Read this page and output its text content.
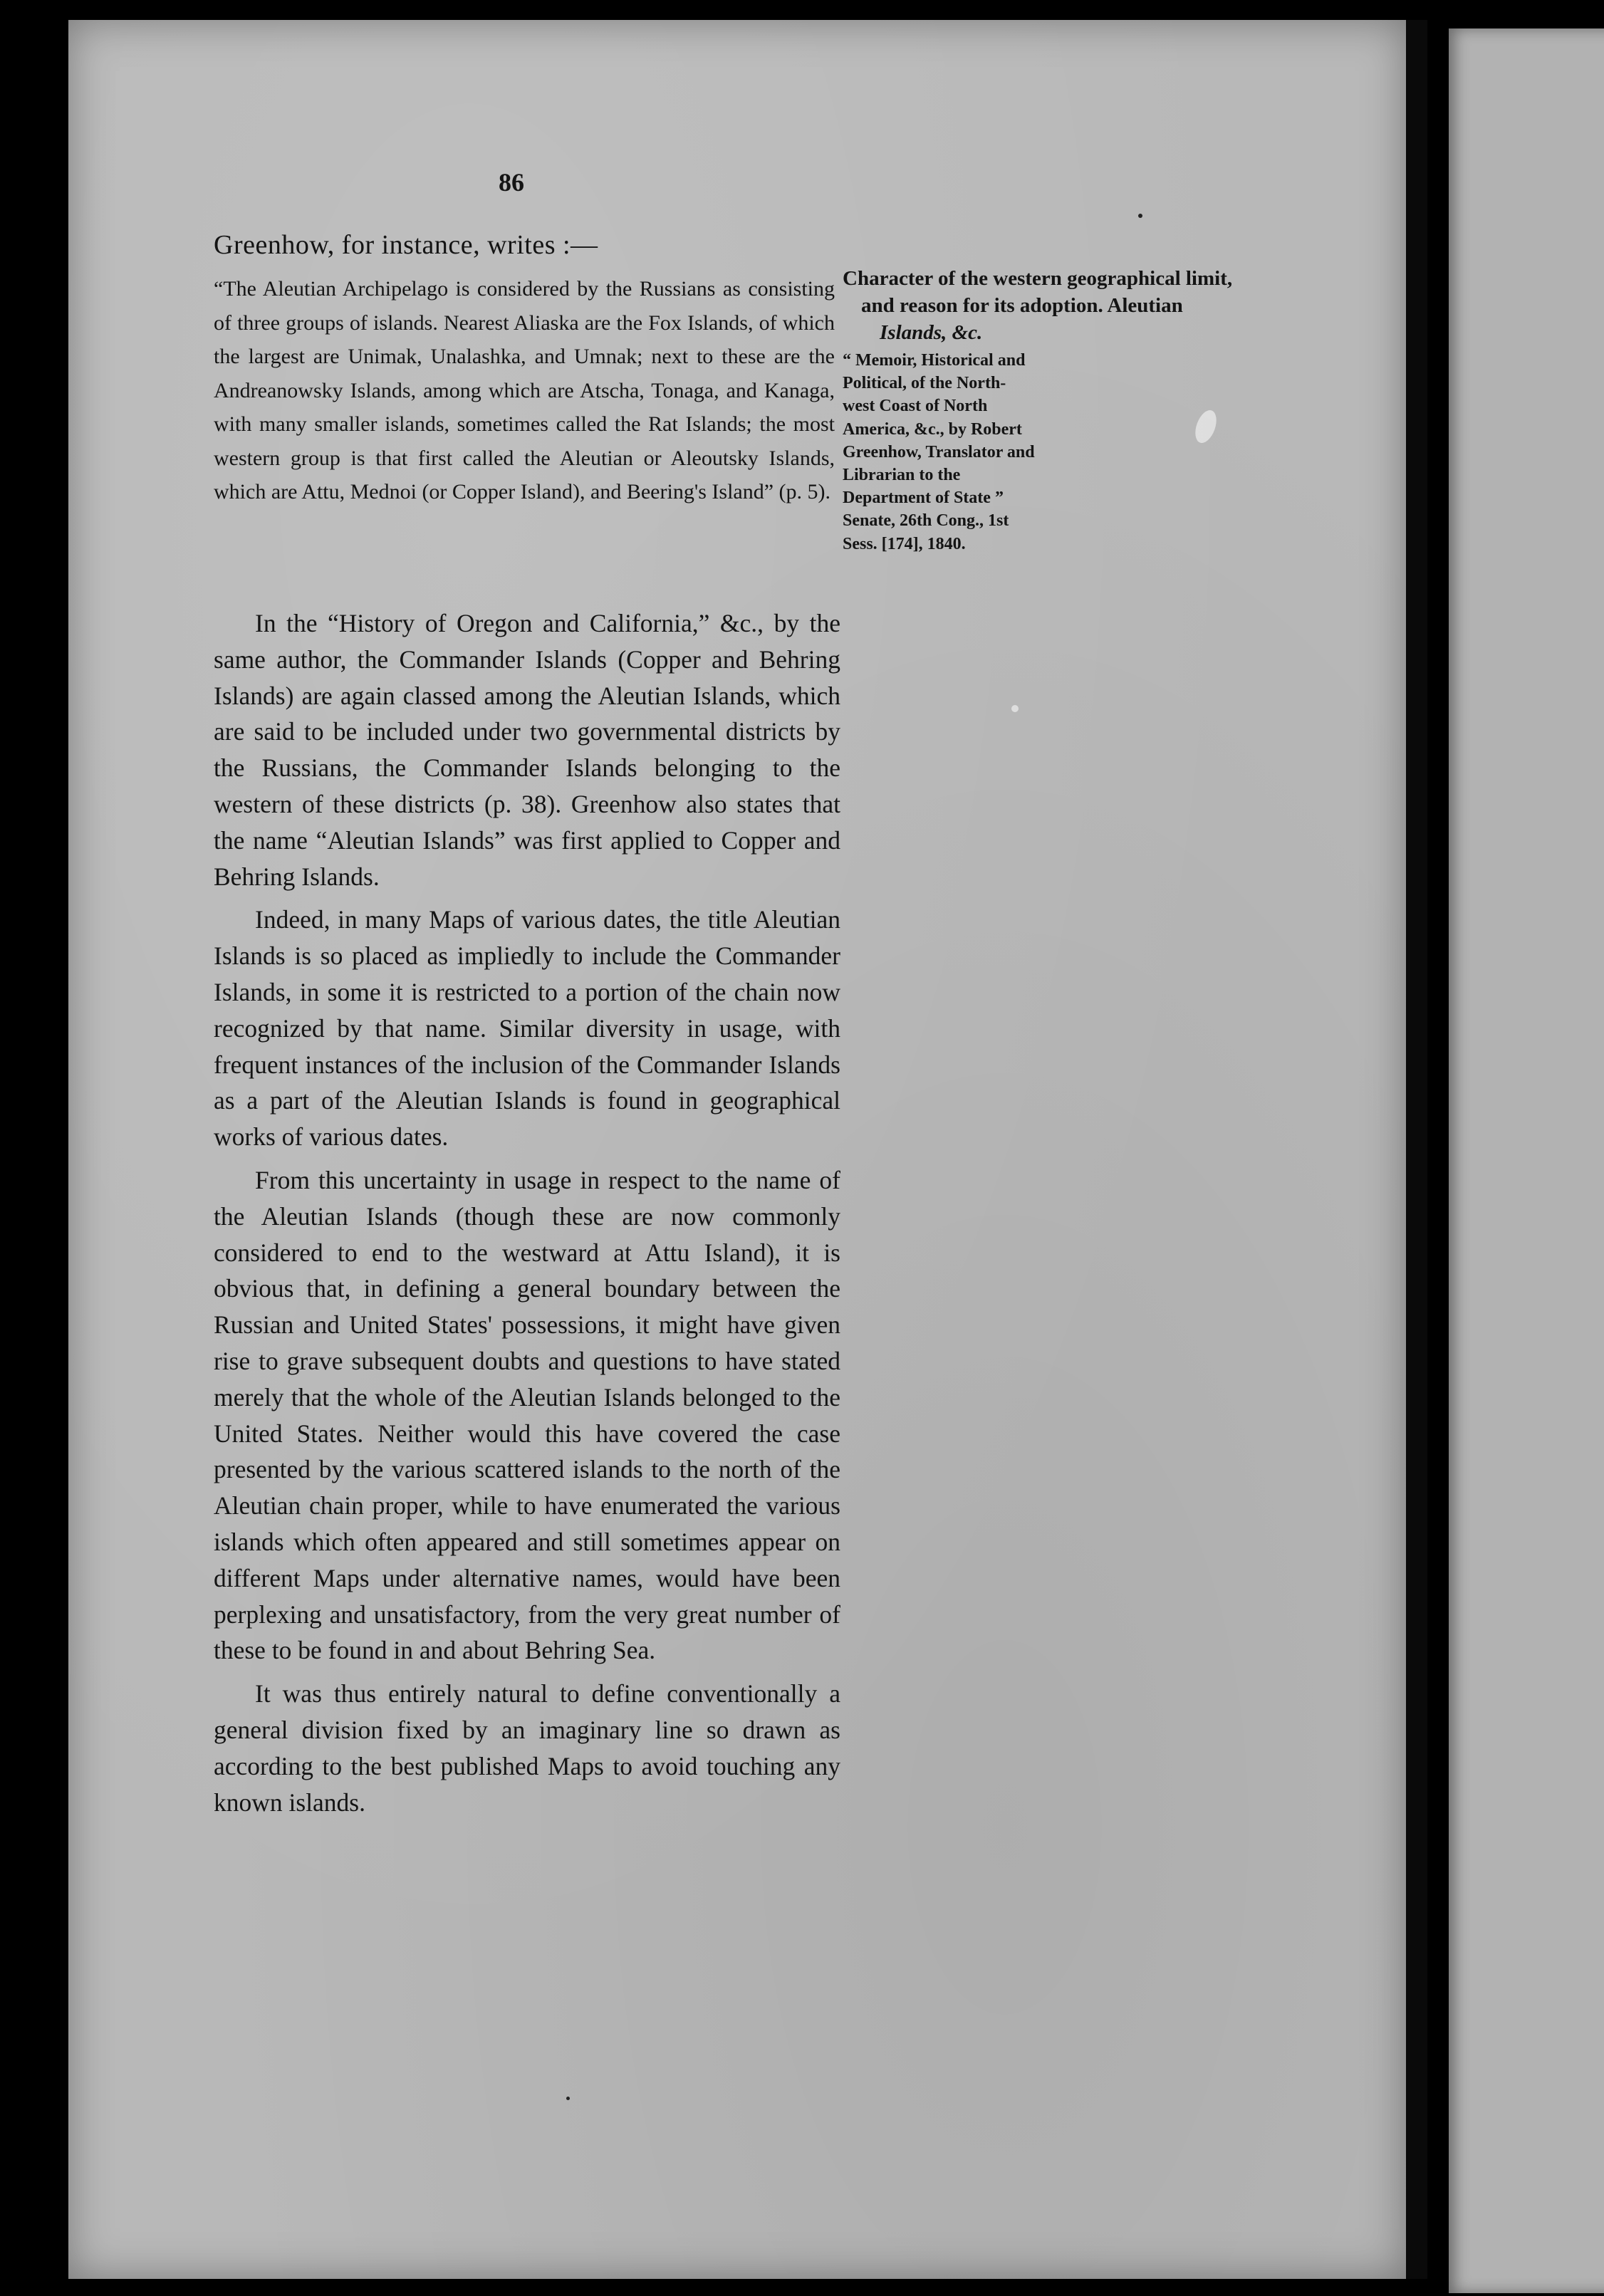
86
Greenhow, for instance, writes :—

“The Aleutian Archipelago is considered by the Russians as consisting of three groups of islands. Nearest Aliaska are the Fox Islands, of which the largest are Unimak, Unalashka, and Umnak; next to these are the Andreanowsky Islands, among which are Atscha, Tonaga, and Kanaga, with many smaller islands, sometimes called the Rat Islands; the most western group is that first called the Aleutian or Aleoutsky Islands, which are Attu, Mednoi (or Copper Island), and Beering's Island” (p. 5).

In the “History of Oregon and California,” &c., by the same author, the Commander Islands (Copper and Behring Islands) are again classed among the Aleutian Islands, which are said to be included under two governmental districts by the Russians, the Commander Islands belonging to the western of these districts (p. 38). Greenhow also states that the name “Aleutian Islands” was first applied to Copper and Behring Islands.

Indeed, in many Maps of various dates, the title Aleutian Islands is so placed as impliedly to include the Commander Islands, in some it is restricted to a portion of the chain now recognized by that name. Similar diversity in usage, with frequent instances of the inclusion of the Commander Islands as a part of the Aleutian Islands is found in geographical works of various dates.

From this uncertainty in usage in respect to the name of the Aleutian Islands (though these are now commonly considered to end to the westward at Attu Island), it is obvious that, in defining a general boundary between the Russian and United States' possessions, it might have given rise to grave subsequent doubts and questions to have stated merely that the whole of the Aleutian Islands belonged to the United States. Neither would this have covered the case presented by the various scattered islands to the north of the Aleutian chain proper, while to have enumerated the various islands which often appeared and still sometimes appear on different Maps under alternative names, would have been perplexing and unsatisfactory, from the very great number of these to be found in and about Behring Sea.

It was thus entirely natural to define conventionally a general division fixed by an imaginary line so drawn as according to the best published Maps to avoid touching any known islands.

Character of the western geographical limit,
and reason for its adoption. Aleutian
Islands, &c.
“ Memoir, Historical and Political, of the North-west Coast of North America, &c., by Robert Greenhow, Translator and Librarian to the Department of State ” Senate, 26th Cong., 1st Sess. [174], 1840.
